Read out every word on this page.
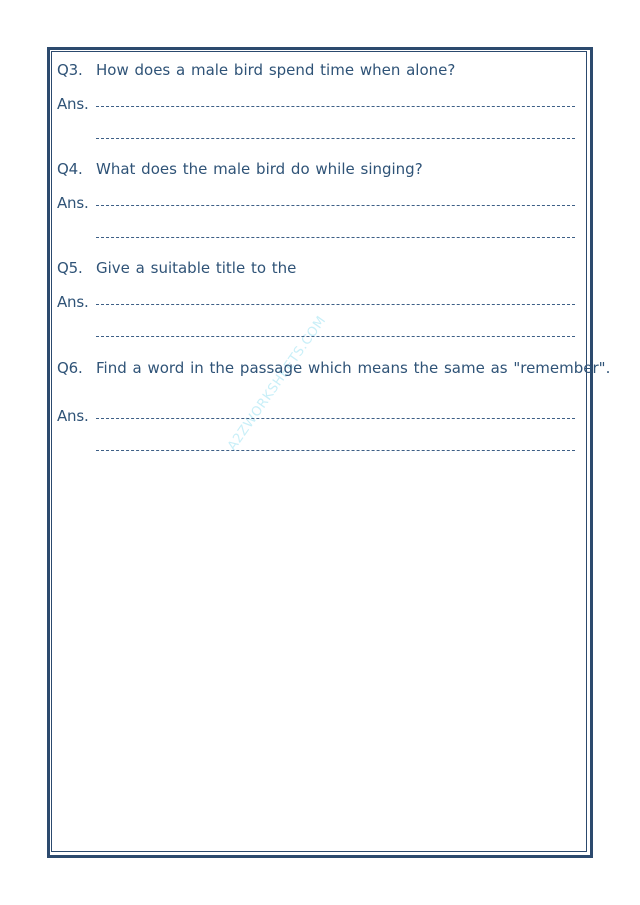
A2ZWORKSHEETS.COM
Q3. How does a male bird spend time when alone?
Ans.
Q4. What does the male bird do while singing?
Ans.
Q5. Give a suitable title to the
Ans.
Q6. Find a word in the passage which means the same as "remember".
Ans.
